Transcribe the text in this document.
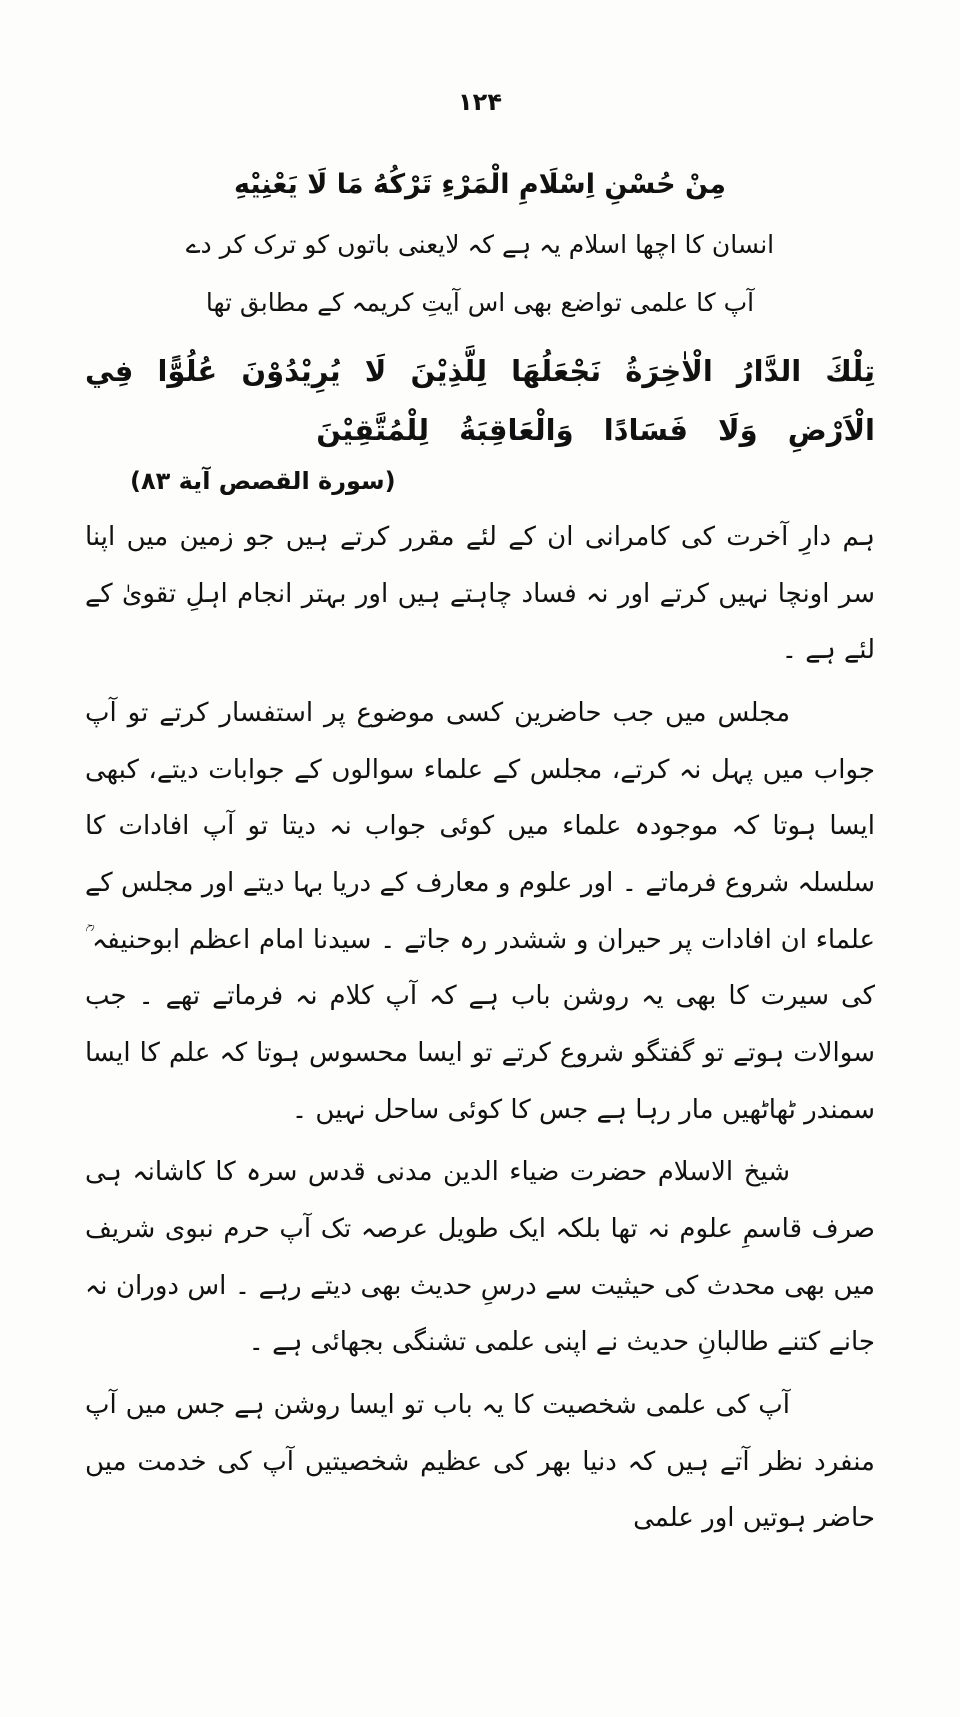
۱۲۴
مِنْ حُسْنِ اِسْلَامِ الْمَرْءِ تَرْكُهُ مَا لَا يَعْنِيْهِ
انسان کا اچھا اسلام یہ ہے کہ لایعنی باتوں کو ترک کر دے
آپ کا علمی تواضع بھی اس آیتِ کریمہ کے مطابق تھا
تِلْكَ الدَّارُ الْاٰخِرَةُ نَجْعَلُهَا لِلَّذِيْنَ لَا يُرِيْدُوْنَ عُلُوًّا فِي
الْاَرْضِ وَلَا فَسَادًا وَالْعَاقِبَةُ لِلْمُتَّقِيْنَ
(سورة القصص آیة ۸۳)

ہم دارِ آخرت کی کامرانی ان کے لئے مقرر کرتے ہیں جو زمین میں اپنا سر اونچا نہیں کرتے اور نہ فساد چاہتے ہیں اور بہتر انجام اہلِ تقویٰ کے لئے ہے ۔

مجلس میں جب حاضرین کسی موضوع پر استفسار کرتے تو آپ جواب میں پہل نہ کرتے، مجلس کے علماء سوالوں کے جوابات دیتے، کبھی ایسا ہوتا کہ موجودہ علماء میں کوئی جواب نہ دیتا تو آپ افادات کا سلسلہ شروع فرماتے ۔ اور علوم و معارف کے دریا بہا دیتے اور مجلس کے علماء ان افادات پر حیران و ششدر رہ جاتے ۔ سیدنا امام اعظم ابوحنیفہ ؒ کی سیرت کا بھی یہ روشن باب ہے کہ آپ کلام نہ فرماتے تھے ۔ جب سوالات ہوتے تو گفتگو شروع کرتے تو ایسا محسوس ہوتا کہ علم کا ایسا سمندر ٹھاٹھیں مار رہا ہے جس کا کوئی ساحل نہیں ۔

شیخ الاسلام حضرت ضیاء الدین مدنی قدس سرہ کا کاشانہ ہی صرف قاسمِ علوم نہ تھا بلکہ ایک طویل عرصہ تک آپ حرم نبوی شریف میں بھی محدث کی حیثیت سے درسِ حدیث بھی دیتے رہے ۔ اس دوران نہ جانے کتنے طالبانِ حدیث نے اپنی علمی تشنگی بجھائی ہے ۔

آپ کی علمی شخصیت کا یہ باب تو ایسا روشن ہے جس میں آپ منفرد نظر آتے ہیں کہ دنیا بھر کی عظیم شخصیتیں آپ کی خدمت میں حاضر ہوتیں اور علمی
